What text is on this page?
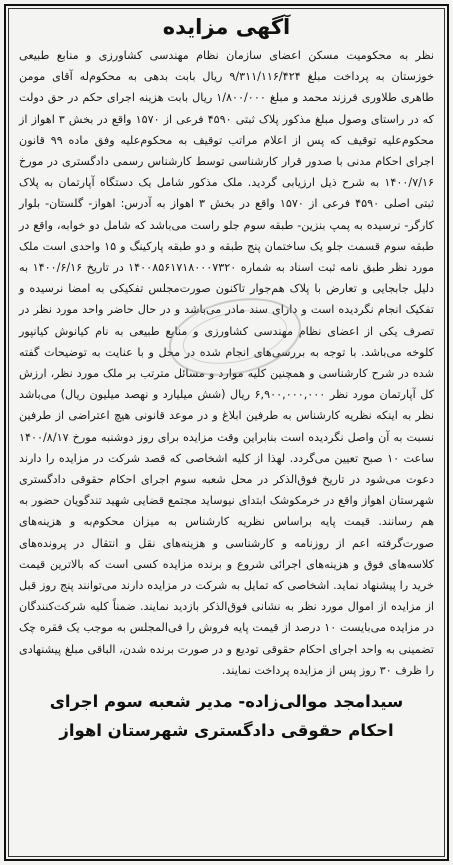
آگهی مزایده

نظر به محکومیت مسکن اعضای سازمان نظام مهندسی کشاورزی و منابع طبیعی خوزستان به پرداخت مبلغ ۹/۳۱۱/۱۱۶/۴۲۴ ریال بابت بدهی به محکوم‌له آقای مومن طاهری طلاوری فرزند محمد و مبلغ ۱/۸۰۰/۰۰۰ ریال بابت هزینه اجرای حکم در حق دولت که در راستای وصول مبلغ مذکور پلاک ثبتی ۴۵۹۰ فرعی از ۱۵۷۰ واقع در بخش ۳ اهواز از محکوم‌علیه توقیف که پس از اعلام مراتب توقیف به محکوم‌علیه وفق ماده ۹۹ قانون اجرای احکام مدنی با صدور قرار کارشناسی توسط کارشناس رسمی دادگستری در مورخ ۱۴۰۰/۷/۱۶ به شرح ذیل ارزیابی گردید. ملک مذکور شامل یک دستگاه آپارتمان به پلاک ثبتی اصلی ۴۵۹۰ فرعی از ۱۵۷۰ واقع در بخش ۳ اهواز به آدرس: اهواز- گلستان- بلوار کارگر- نرسیده به پمپ بنزین- طبقه سوم جلو راست می‌باشد که شامل دو خوابه، واقع در طبقه سوم قسمت جلو یک ساختمان پنج طبقه و دو طبقه پارکینگ و ۱۵ واحدی است ملک مورد نظر طبق نامه ثبت اسناد به شماره ۱۴۰۰۸۵۶۱۷۱۸۰۰۰۷۳۲۰ در تاریخ ۱۴۰۰/۶/۱۶ به دلیل جابجایی و تعارض با پلاک هم‌جوار تاکنون صورت‌مجلس تفکیکی به امضا نرسیده و تفکیک انجام نگردیده است و دارای سند مادر می‌باشد و در حال حاضر واحد مورد نظر در تصرف یکی از اعضای نظام مهندسی کشاورزی و منابع طبیعی به نام کیانوش کیانپور کلوخه می‌باشد. با توجه به بررسی‌های انجام شده در محل و با عنایت به توضیحات گفته شده در شرح کارشناسی و همچنین کلیه موارد و مسائل مترتب بر ملک مورد نظر، ارزش کل آپارتمان مورد نظر ۶,۹۰۰,۰۰۰,۰۰۰ ریال (شش میلیارد و نهصد میلیون ریال) می‌باشد نظر به اینکه نظریه کارشناس به طرفین ابلاغ و در موعد قانونی هیچ اعتراضی از طرفین نسبت به آن واصل نگردیده است بنابراین وقت مزایده برای روز دوشنبه مورخ ۱۴۰۰/۸/۱۷ ساعت ۱۰ صبح تعیین می‌گردد. لهذا از کلیه اشخاصی که قصد شرکت در مزایده را دارند دعوت می‌شود در تاریخ فوق‌الذکر در محل شعبه سوم اجرای احکام حقوقی دادگستری شهرستان اهواز واقع در خرمکوشک ابتدای نیوساید مجتمع قضایی شهید تندگویان حضور به هم رسانند. قیمت پایه براساس نظریه کارشناس به میزان محکوم‌به و هزینه‌های صورت‌گرفته اعم از روزنامه و کارشناسی و هزینه‌های نقل و انتقال در پرونده‌های کلاسه‌های فوق و هزینه‌های اجرائی شروع و برنده مزایده کسی است که بالاترین قیمت خرید را پیشنهاد نماید. اشخاصی که تمایل به شرکت در مزایده دارند می‌توانند پنج روز قبل از مزایده از اموال مورد نظر به نشانی فوق‌الذکر بازدید نمایند. ضمناً کلیه شرکت‌کنندگان در مزایده می‌بایست ۱۰ درصد از قیمت پایه فروش را فی‌المجلس به موجب یک فقره چک تضمینی به واحد اجرای احکام حقوقی تودیع و در صورت برنده شدن، الباقی مبلغ پیشنهادی را ظرف ۳۰ روز پس از مزایده پرداخت نمایند.

سیدامجد موالی‌زاده- مدیر شعبه سوم اجرای
احکام حقوقی دادگستری شهرستان اهواز
